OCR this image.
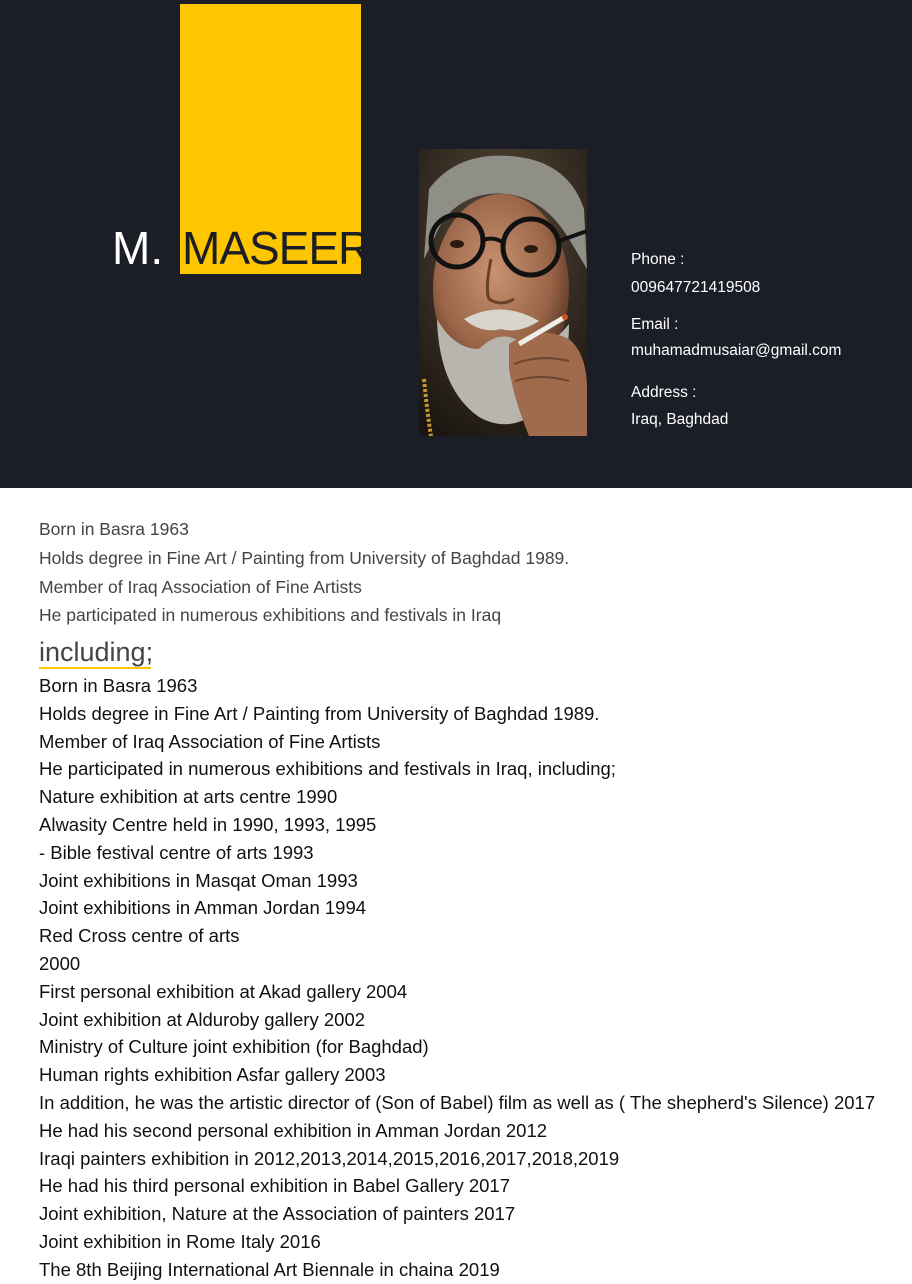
M. MASEER	Phone :
009647721419508
Email :
muhamadmusaiar@gmail.com
Address :
Iraq, Baghdad
Born in Basra 1963
Holds degree in Fine Art / Painting from University of Baghdad 1989.
Member of Iraq Association of Fine Artists
He participated in numerous exhibitions and festivals in Iraq
including;
Born in Basra 1963
Holds degree in Fine Art / Painting from University of Baghdad 1989.
Member of Iraq Association of Fine Artists
He participated in numerous exhibitions and festivals in Iraq, including;
Nature exhibition at arts centre 1990
Alwasity Centre held in 1990, 1993, 1995
- Bible festival centre of arts 1993
Joint exhibitions in Masqat Oman 1993
Joint exhibitions in Amman Jordan 1994
Red Cross centre of arts
2000
First personal exhibition at Akad gallery 2004
Joint exhibition at Alduroby gallery 2002
Ministry of Culture joint exhibition (for Baghdad)
Human rights exhibition Asfar gallery 2003
In addition, he was the artistic director of (Son of Babel) film as well as ( The shepherd's Silence) 2017
He had his second personal exhibition in Amman Jordan 2012
Iraqi painters exhibition in 2012,2013,2014,2015,2016,2017,2018,2019
He had his third personal exhibition in Babel Gallery 2017
Joint exhibition, Nature at the Association of painters 2017
Joint exhibition in Rome Italy 2016
The 8th Beijing International Art Biennale in chaina 2019
